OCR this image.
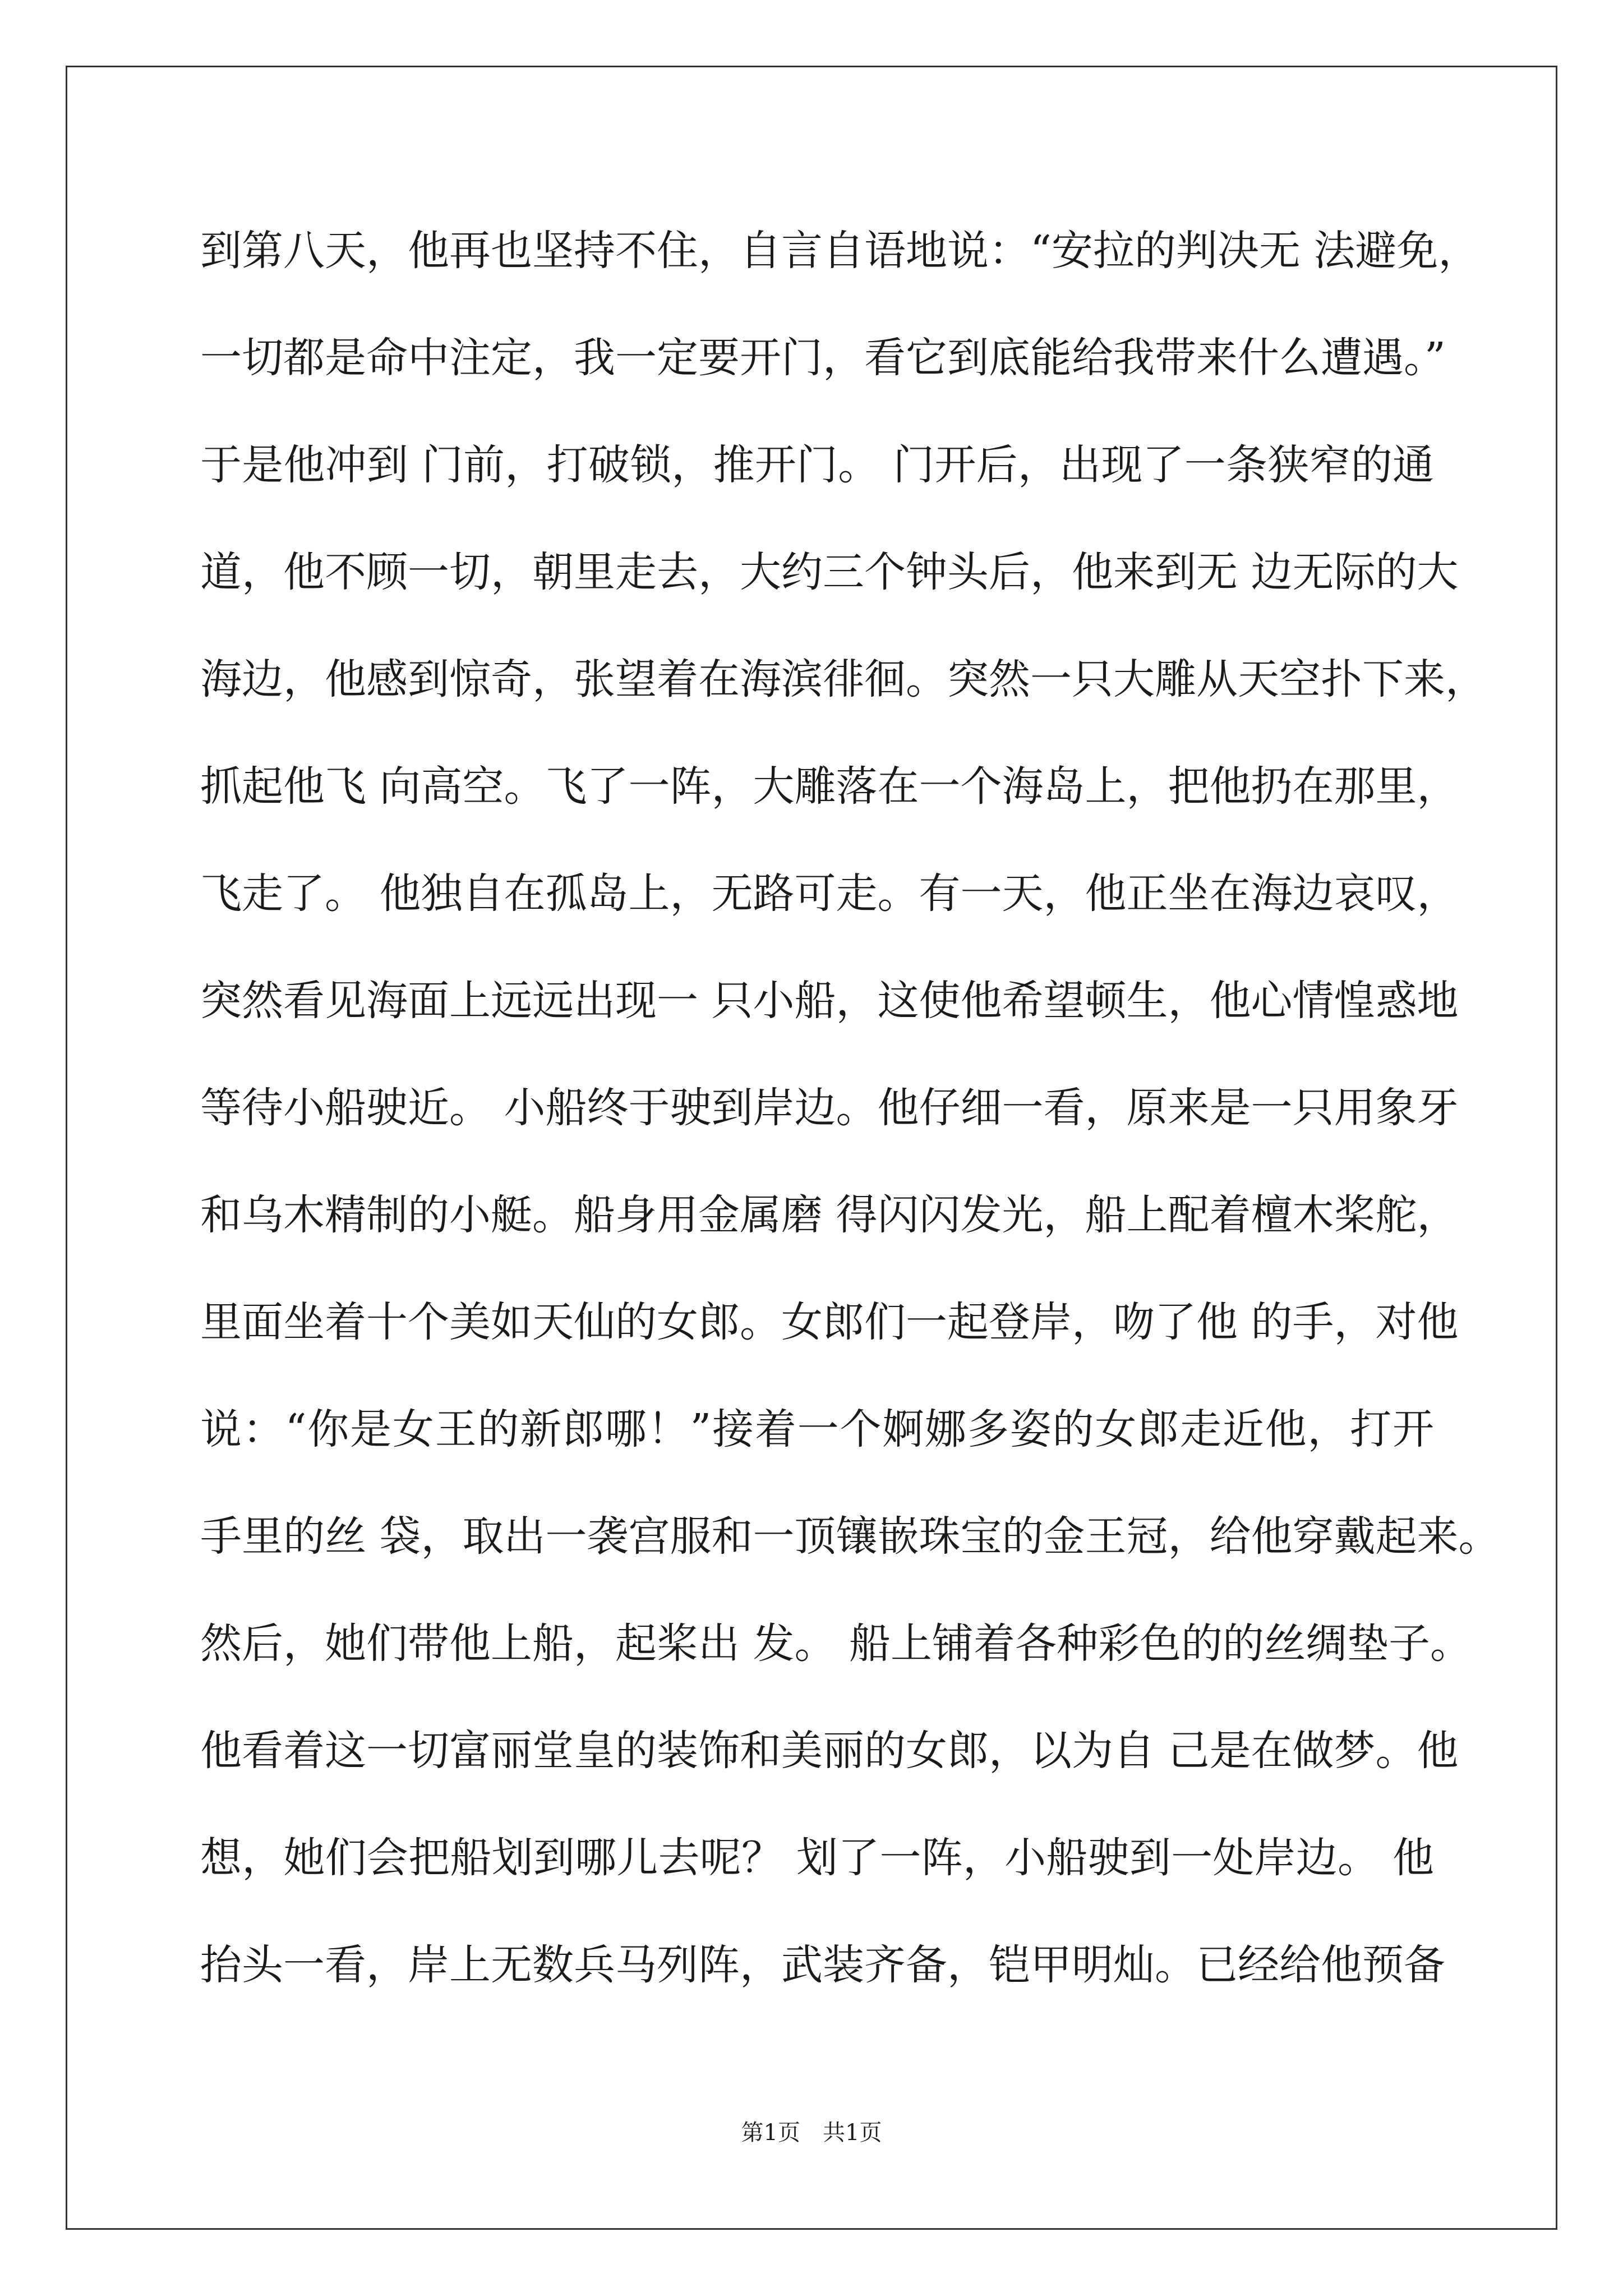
到第八天，他再也坚持不住，自言自语地说：“安拉的判决无 法避免，
一切都是命中注定，我一定要开门，看它到底能给我带来什么遭遇。”
于是他冲到 门前，打破锁，推开门。 门开后，出现了一条狭窄的通
道，他不顾一切，朝里走去，大约三个钟头后，他来到无 边无际的大
海边，他感到惊奇，张望着在海滨徘徊。突然一只大雕从天空扑下来，
抓起他飞 向高空。飞了一阵，大雕落在一个海岛上，把他扔在那里，
飞走了。 他独自在孤岛上，无路可走。有一天，他正坐在海边哀叹，
突然看见海面上远远出现一 只小船，这使他希望顿生，他心情惶惑地
等待小船驶近。 小船终于驶到岸边。他仔细一看，原来是一只用象牙
和乌木精制的小艇。船身用金属磨 得闪闪发光，船上配着檀木桨舵，
里面坐着十个美如天仙的女郎。女郎们一起登岸，吻了他 的手，对他
说：“你是女王的新郎哪！”接着一个婀娜多姿的女郎走近他，打开
手里的丝 袋，取出一袭宫服和一顶镶嵌珠宝的金王冠，给他穿戴起来。
然后，她们带他上船，起桨出 发。 船上铺着各种彩色的的丝绸垫子。
他看着这一切富丽堂皇的装饰和美丽的女郎，以为自 己是在做梦。他
想，她们会把船划到哪儿去呢？ 划了一阵，小船驶到一处岸边。 他
抬头一看，岸上无数兵马列阵，武装齐备，铠甲明灿。已经给他预备
第1页　共1页
